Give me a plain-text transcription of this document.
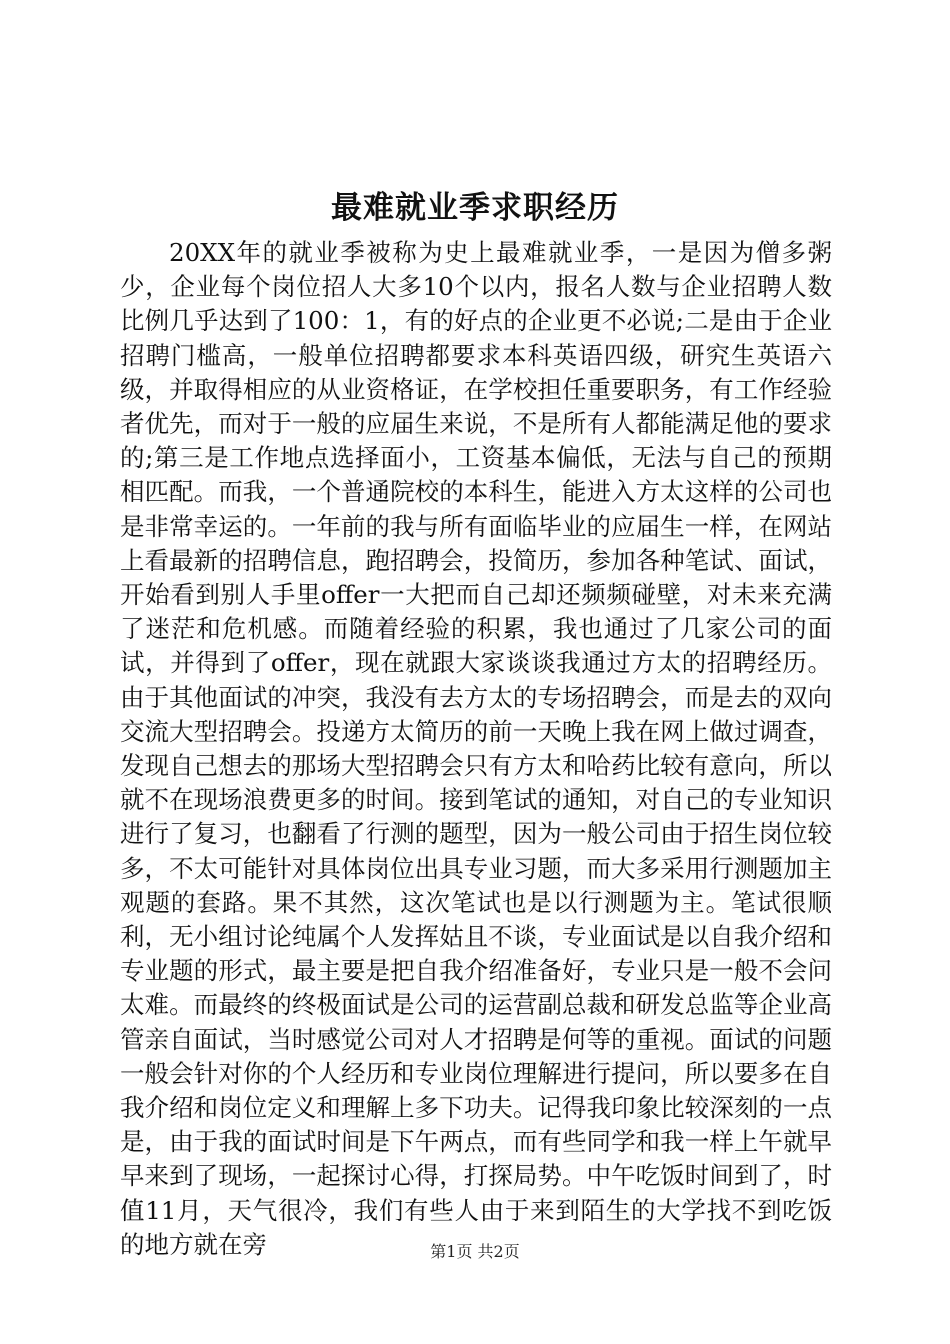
最难就业季求职经历

20XX年的就业季被称为史上最难就业季，一是因为僧多粥少，企业每个岗位招人大多10个以内，报名人数与企业招聘人数比例几乎达到了100：1，有的好点的企业更不必说;二是由于企业招聘门槛高，一般单位招聘都要求本科英语四级，研究生英语六级，并取得相应的从业资格证，在学校担任重要职务，有工作经验者优先，而对于一般的应届生来说，不是所有人都能满足他的要求的;第三是工作地点选择面小，工资基本偏低，无法与自己的预期相匹配。而我，一个普通院校的本科生，能进入方太这样的公司也是非常幸运的。一年前的我与所有面临毕业的应届生一样，在网站上看最新的招聘信息，跑招聘会，投简历，参加各种笔试、面试，开始看到别人手里offer一大把而自己却还频频碰壁，对未来充满了迷茫和危机感。而随着经验的积累，我也通过了几家公司的面试，并得到了offer，现在就跟大家谈谈我通过方太的招聘经历。由于其他面试的冲突，我没有去方太的专场招聘会，而是去的双向交流大型招聘会。投递方太简历的前一天晚上我在网上做过调查，发现自己想去的那场大型招聘会只有方太和哈药比较有意向，所以就不在现场浪费更多的时间。接到笔试的通知，对自己的专业知识进行了复习，也翻看了行测的题型，因为一般公司由于招生岗位较多，不太可能针对具体岗位出具专业习题，而大多采用行测题加主观题的套路。果不其然，这次笔试也是以行测题为主。笔试很顺利，无小组讨论纯属个人发挥姑且不谈，专业面试是以自我介绍和专业题的形式，最主要是把自我介绍准备好，专业只是一般不会问太难。而最终的终极面试是公司的运营副总裁和研发总监等企业高管亲自面试，当时感觉公司对人才招聘是何等的重视。面试的问题一般会针对你的个人经历和专业岗位理解进行提问，所以要多在自我介绍和岗位定义和理解上多下功夫。记得我印象比较深刻的一点是，由于我的面试时间是下午两点，而有些同学和我一样上午就早早来到了现场，一起探讨心得，打探局势。中午吃饭时间到了，时值11月，天气很冷，我们有些人由于来到陌生的大学找不到吃饭的地方就在旁	第1页 共2页
